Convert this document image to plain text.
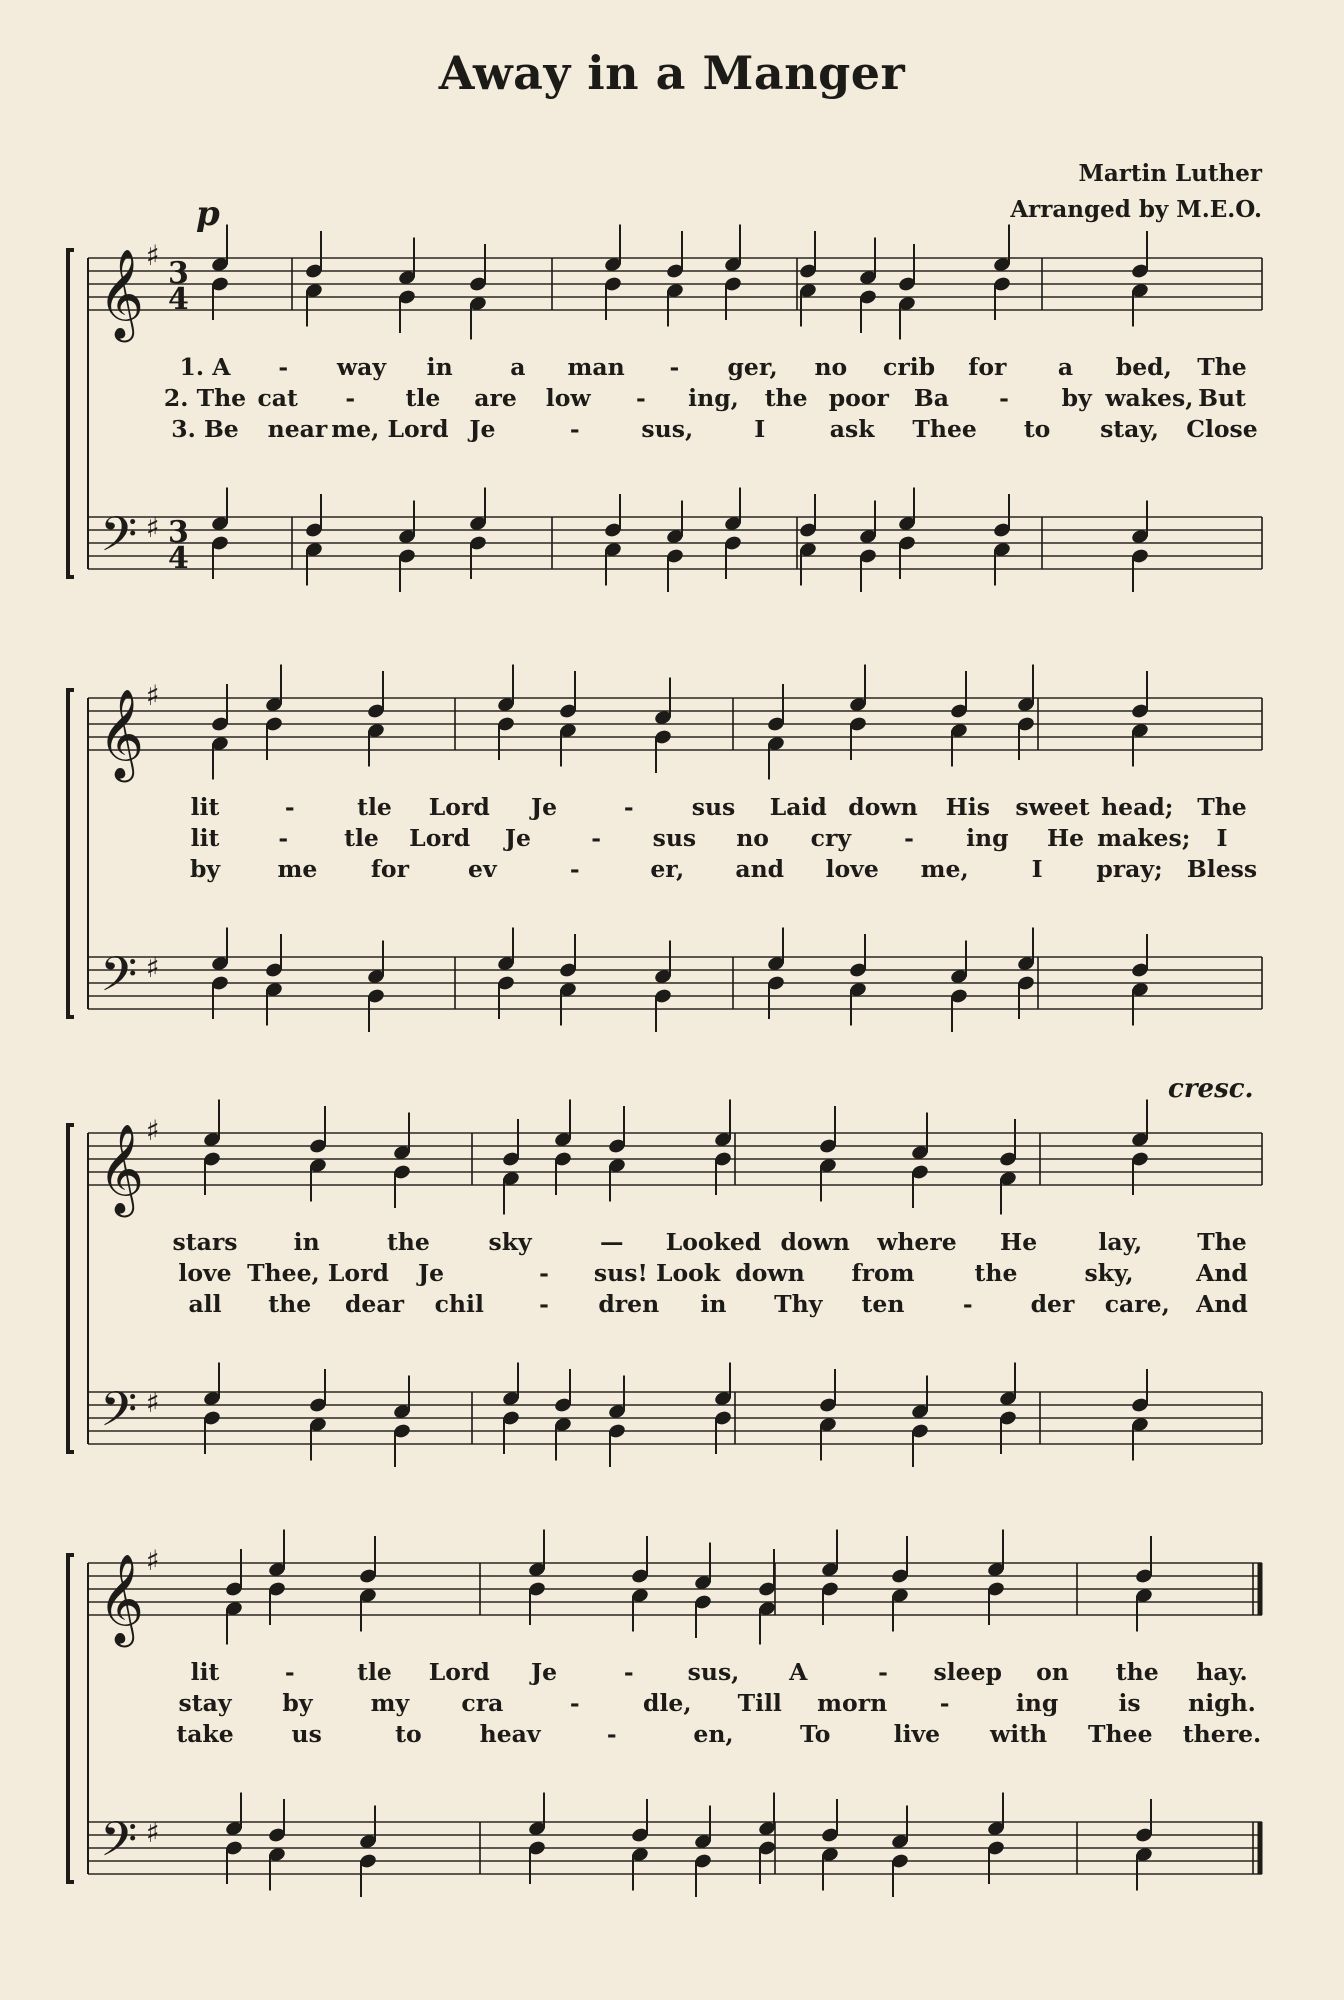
Away in a Manger
Martin Luther
Arranged by M.E.O.
𝄞
𝄢
♯
♯
3
4
3
4
p
1. A - way in a man - ger, no crib for a bed, The
2. The cat - tle are low - ing, the poor Ba - by wakes, But
3. Be near me, Lord Je	-	sus,	I	ask Thee to stay, Close
𝄞
𝄢
♯
♯
lit	-	tle Lord Je	- sus Laid down His sweet head; The
lit	- tle Lord Je	- sus no cry - ing He makes; I
by me for	ev	-	er, and love me,	I pray; Bless
𝄞
𝄢
♯
♯
cresc.
stars in	the sky	— Looked down where He	lay, The
love Thee, Lord Je	- sus! Look down from	the	sky,	And
all the dear chil - dren in Thy ten - der care, And
𝄞
𝄢
♯
♯
lit	-	tle Lord Je	- sus, A	- sleep on the hay.
stay by my cra	-	dle, Till morn -	ing	is nigh.
take us	to heav	-	en,	To	live with Thee there.
